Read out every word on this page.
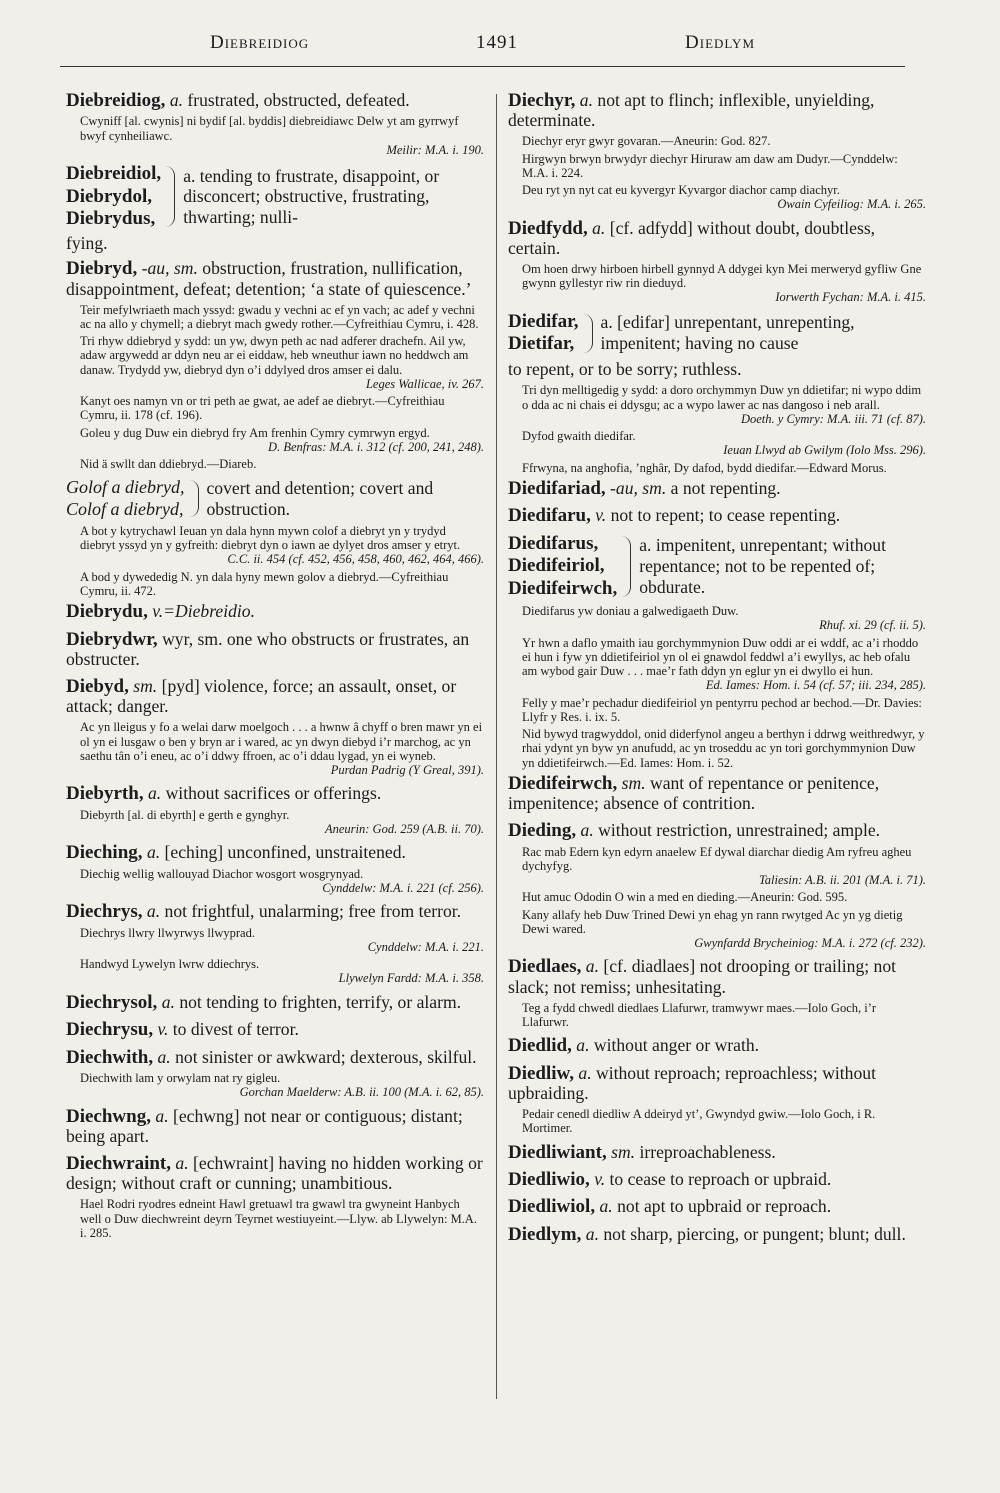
Diebreidiog	1491	Diedlym

Diebreidiog, a. frustrated, obstructed, defeated.

Cwyniff [al. cwynis] ni bydif [al. byddis] diebreidiawc Delw yt am gyrrwyf bwyf cynheiliawc.
Meilir: M.A. i. 190.
Diebreidiol,
Diebrydol,
Diebrydus,
a. tending to frustrate, disappoint, or disconcert; obstructive, frustrating, thwarting; nulli-
fying.

Diebryd, -au, sm. obstruction, frustration, nullification, disappointment, defeat; detention; ‘a state of quiescence.’

Teir mefylwriaeth mach yssyd: gwadu y vechni ac ef yn vach; ac adef y vechni ac na allo y chymell; a diebryt mach gwedy rother.—Cyfreithiau Cymru, i. 428.
Tri rhyw ddiebryd y sydd: un yw, dwyn peth ac nad adferer drachefn. Ail yw, adaw argywedd ar ddyn neu ar ei eiddaw, heb wneuthur iawn no heddwch am danaw. Trydydd yw, diebryd dyn o’i ddylyed dros amser ei dalu.
Leges Wallicae, iv. 267.
Kanyt oes namyn vn or tri peth ae gwat, ae adef ae diebryt.—Cyfreithiau Cymru, ii. 178 (cf. 196).
Goleu y dug Duw ein diebryd fry Am frenhin Cymry cymrwyn ergyd.
D. Benfras: M.A. i. 312 (cf. 200, 241, 248).
Nid ä swllt dan ddiebryd.—Diareb.
Golof a diebryd,
Colof a diebryd,
covert and detention; covert and obstruction.
A bot y kytrychawl Ieuan yn dala hynn mywn colof a diebryt yn y trydyd diebryt yssyd yn y gyfreith: diebryt dyn o iawn ae dylyet dros amser y etryt.
C.C. ii. 454 (cf. 452, 456, 458, 460, 462, 464, 466).
A bod y dywededig N. yn dala hyny mewn golov a diebryd.—Cyfreithiau Cymru, ii. 472.

Diebrydu, v.=Diebreidio.

Diebrydwr, wyr, sm. one who obstructs or frustrates, an obstructer.

Diebyd, sm. [pyd] violence, force; an assault, onset, or attack; danger.

Ac yn lleigus y fo a welai darw moelgoch . . . a hwnw â chyff o bren mawr yn ei ol yn ei lusgaw o ben y bryn ar i wared, ac yn dwyn diebyd i’r marchog, ac yn saethu tân o’i eneu, ac o’i ddwy ffroen, ac o’i ddau lygad, yn ei wyneb.
Purdan Padrig (Y Greal, 391).

Diebyrth, a. without sacrifices or offerings.

Diebyrth [al. di ebyrth] e gerth e gynghyr.
Aneurin: God. 259 (A.B. ii. 70).

Dieching, a. [eching] unconfined, unstraitened.

Diechig wellig wallouyad Diachor wosgort wosgrynyad.
Cynddelw: M.A. i. 221 (cf. 256).

Diechrys, a. not frightful, unalarming; free from terror.

Diechrys llwry llwyrwys llwyprad.
Cynddelw: M.A. i. 221.
Handwyd Lywelyn lwrw ddiechrys.
Llywelyn Fardd: M.A. i. 358.

Diechrysol, a. not tending to frighten, terrify, or alarm.

Diechrysu, v. to divest of terror.

Diechwith, a. not sinister or awkward; dexterous, skilful.

Diechwith lam y orwylam nat ry gigleu.
Gorchan Maelderw: A.B. ii. 100 (M.A. i. 62, 85).

Diechwng, a. [echwng] not near or contiguous; distant; being apart.

Diechwraint, a. [echwraint] having no hidden working or design; without craft or cunning; unambitious.

Hael Rodri ryodres edneint Hawl gretuawl tra gwawl tra gwyneint Hanbych well o Duw diechwreint deyrn Teyrnet westiuyeint.—Llyw. ab Llywelyn: M.A. i. 285.

Diechyr, a. not apt to flinch; inflexible, unyielding, determinate.

Diechyr eryr gwyr govaran.—Aneurin: God. 827.
Hirgwyn brwyn brwydyr diechyr Hiruraw am daw am Dudyr.—Cynddelw: M.A. i. 224.
Deu ryt yn nyt cat eu kyvergyr Kyvargor diachor camp diachyr.
Owain Cyfeiliog: M.A. i. 265.

Diedfydd, a. [cf. adfydd] without doubt, doubtless, certain.

Om hoen drwy hirboen hirbell gynnyd A ddygei kyn Mei merweryd gyfliw Gne gwynn gyllestyr riw rin dieduyd.
Iorwerth Fychan: M.A. i. 415.
Diedifar,
Dietifar,
a. [edifar] unrepentant, unrepenting, impenitent; having no cause
to repent, or to be sorry; ruthless.
Tri dyn melltigedig y sydd: a doro orchymmyn Duw yn ddietifar; ni wypo ddim o dda ac ni chais ei ddysgu; ac a wypo lawer ac nas dangoso i neb arall.
Doeth. y Cymry: M.A. iii. 71 (cf. 87).
Dyfod gwaith diedifar.
Ieuan Llwyd ab Gwilym (Iolo Mss. 296).
Ffrwyna, na anghofia, ’nghâr, Dy dafod, bydd diedifar.—Edward Morus.

Diedifariad, -au, sm. a not repenting.

Diedifaru, v. not to repent; to cease repenting.

Diedifarus,
Diedifeiriol,
Diedifeirwch,
a. impenitent, unrepentant; without repentance; not to be repented of; obdurate.
Diedifarus yw doniau a galwedigaeth Duw.
Rhuf. xi. 29 (cf. ii. 5).
Yr hwn a daflo ymaith iau gorchymmynion Duw oddi ar ei wddf, ac a’i rhoddo ei hun i fyw yn ddietifeiriol yn ol ei gnawdol feddwl a’i ewyllys, ac heb ofalu am wybod gair Duw . . . mae’r fath ddyn yn eglur yn ei dwyllo ei hun.
Ed. Iames: Hom. i. 54 (cf. 57; iii. 234, 285).
Felly y mae’r pechadur diedifeiriol yn pentyrru pechod ar bechod.—Dr. Davies: Llyfr y Res. i. ix. 5.
Nid bywyd tragwyddol, onid diderfynol angeu a berthyn i ddrwg weithredwyr, y rhai ydynt yn byw yn anufudd, ac yn troseddu ac yn tori gorchymmynion Duw yn ddietifeirwch.—Ed. Iames: Hom. i. 52.

Diedifeirwch, sm. want of repentance or penitence, impenitence; absence of contrition.

Dieding, a. without restriction, unrestrained; ample.

Rac mab Edern kyn edyrn anaelew Ef dywal diarchar diedig Am ryfreu agheu dychyfyg.
Taliesin: A.B. ii. 201 (M.A. i. 71).
Hut amuc Ododin O win a med en dieding.—Aneurin: God. 595.
Kany allafy heb Duw Trined Dewi yn ehag yn rann rwytged Ac yn yg dietig Dewi wared.
Gwynfardd Brycheiniog: M.A. i. 272 (cf. 232).

Diedlaes, a. [cf. diadlaes] not drooping or trailing; not slack; not remiss; unhesitating.

Teg a fydd chwedl diedlaes Llafurwr, tramwywr maes.—Iolo Goch, i’r Llafurwr.

Diedlid, a. without anger or wrath.

Diedliw, a. without reproach; reproachless; without upbraiding.

Pedair cenedl diedliw A ddeiryd yt’, Gwyndyd gwiw.—Iolo Goch, i R. Mortimer.

Diedliwiant, sm. irreproachableness.

Diedliwio, v. to cease to reproach or upbraid.

Diedliwiol, a. not apt to upbraid or reproach.

Diedlym, a. not sharp, piercing, or pungent; blunt; dull.
